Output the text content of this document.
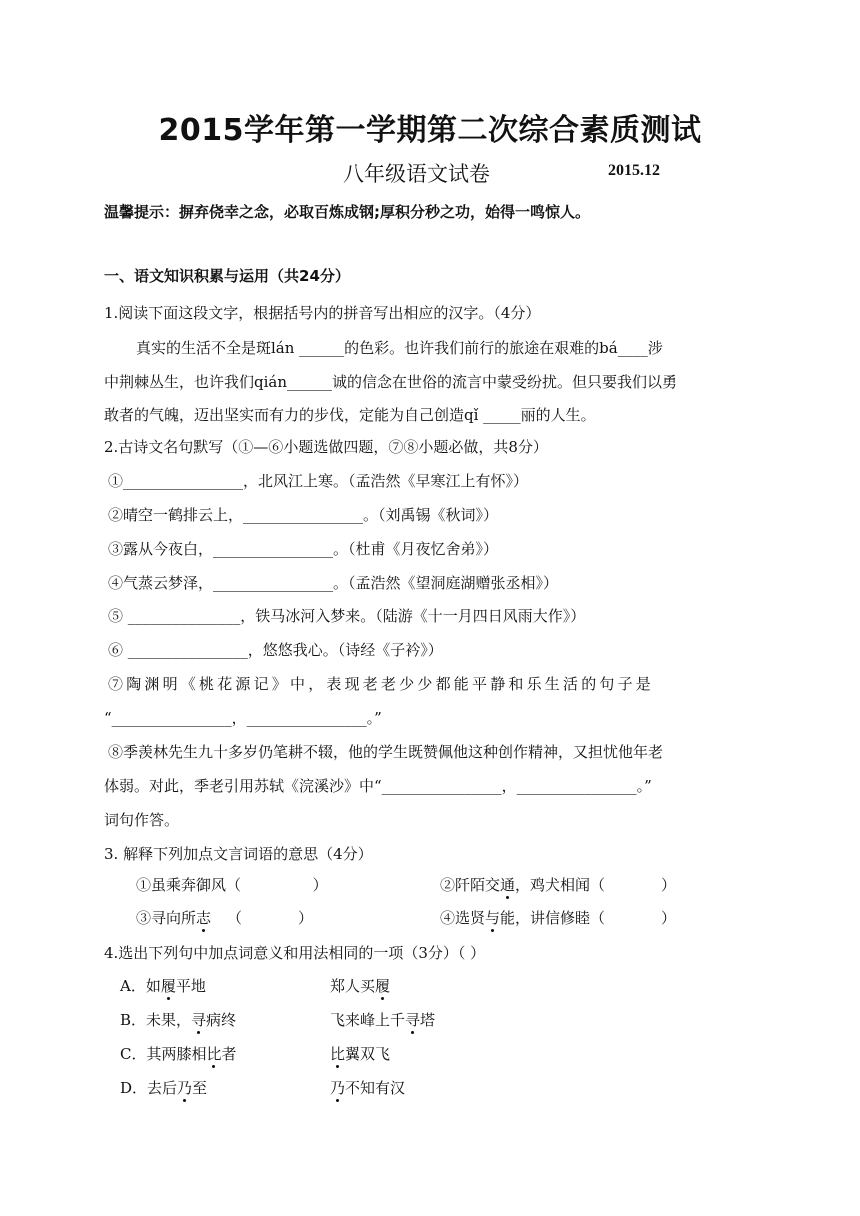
2015学年第一学期第二次综合素质测试
八年级语文试卷	2015.12
温馨提示：摒弃侥幸之念，必取百炼成钢;厚积分秒之功，始得一鸣惊人。
一、语文知识积累与运用（共24分）
1.阅读下面这段文字，根据括号内的拼音写出相应的汉字。（4分）
真实的生活不全是斑lán ______的色彩。也许我们前行的旅途在艰难的bá____涉
中荆棘丛生，也许我们qián______诚的信念在世俗的流言中蒙受纷扰。但只要我们以勇
敢者的气魄，迈出坚实而有力的步伐，定能为自己创造qǐ _____丽的人生。
2.古诗文名句默写（①—⑥小题选做四题，⑦⑧小题必做，共8分）
①________________，北风江上寒。（孟浩然《早寒江上有怀》）
②晴空一鹤排云上，________________。（刘禹锡《秋词》）
③露从今夜白，________________。（杜甫《月夜忆舍弟》）
④气蒸云梦泽，________________。（孟浩然《望洞庭湖赠张丞相》）
⑤ _______________，铁马冰河入梦来。（陆游《十一月四日风雨大作》）
⑥ ________________，悠悠我心。（诗经《子衿》）
⑦陶渊明《桃花源记》中，表现老老少少都能平静和乐生活的句子是
“________________，________________。”
⑧季羡林先生九十多岁仍笔耕不辍，他的学生既赞佩他这种创作精神，又担忧他年老
体弱。对此，季老引用苏轼《浣溪沙》中“________________，________________。”
词句作答。
3. 解释下列加点文言词语的意思（4分）
①虽乘奔御风（	）	②阡陌交通，鸡犬相闻（	）
③寻向所志 （	）	④选贤与能，讲信修睦（	）
4.选出下列句中加点词意义和用法相同的一项（3分）（ ）
A．如履平地	郑人买履
B．未果，寻病终	飞来峰上千寻塔
C．其两膝相比者	比翼双飞
D．去后乃至	乃不知有汉
